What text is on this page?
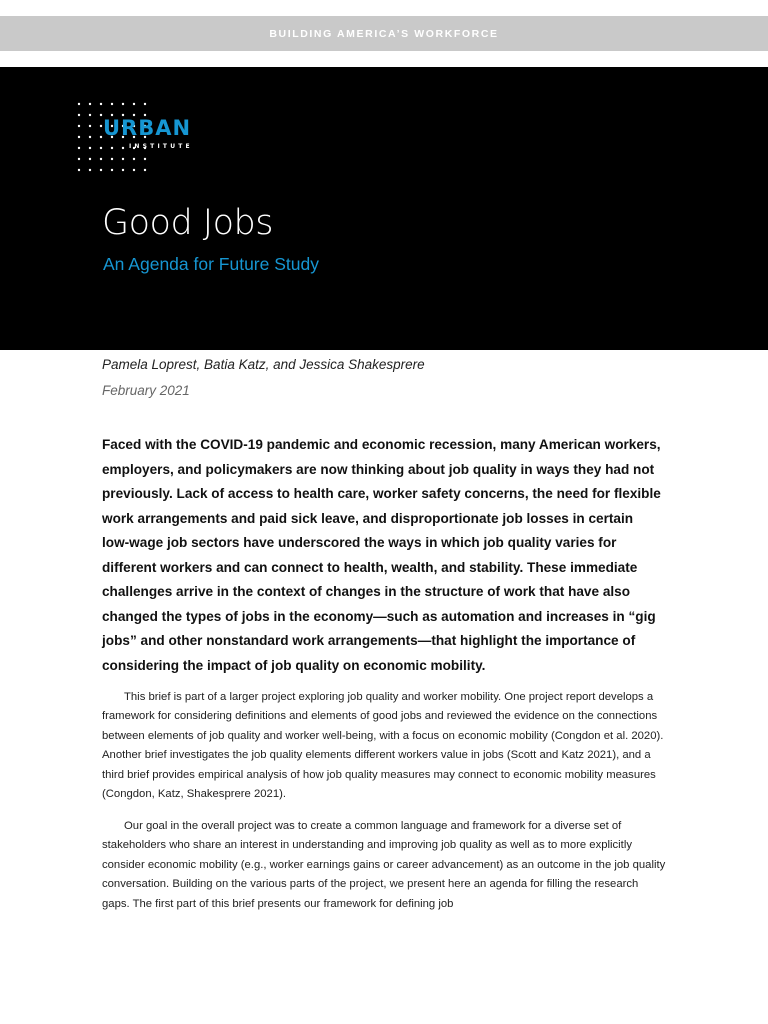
BUILDING AMERICA’S WORKFORCE
URBAN
INSTITUTE
Good Jobs
An Agenda for Future Study
Pamela Loprest, Batia Katz, and Jessica Shakesprere
February 2021

Faced with the COVID-19 pandemic and economic recession, many American workers, employers, and policymakers are now thinking about job quality in ways they had not previously. Lack of access to health care, worker safety concerns, the need for flexible work arrangements and paid sick leave, and disproportionate job losses in certain low-wage job sectors have underscored the ways in which job quality varies for different workers and can connect to health, wealth, and stability. These immediate challenges arrive in the context of changes in the structure of work that have also changed the types of jobs in the economy—such as automation and increases in “gig jobs” and other nonstandard work arrangements—that highlight the importance of considering the impact of job quality on economic mobility.

This brief is part of a larger project exploring job quality and worker mobility. One project report develops a framework for considering definitions and elements of good jobs and reviewed the evidence on the connections between elements of job quality and worker well-being, with a focus on economic mobility (Congdon et al. 2020). Another brief investigates the job quality elements different workers value in jobs (Scott and Katz 2021), and a third brief provides empirical analysis of how job quality measures may connect to economic mobility measures (Congdon, Katz, Shakesprere 2021).

Our goal in the overall project was to create a common language and framework for a diverse set of stakeholders who share an interest in understanding and improving job quality as well as to more explicitly consider economic mobility (e.g., worker earnings gains or career advancement) as an outcome in the job quality conversation. Building on the various parts of the project, we present here an agenda for filling the research gaps. The first part of this brief presents our framework for defining job
